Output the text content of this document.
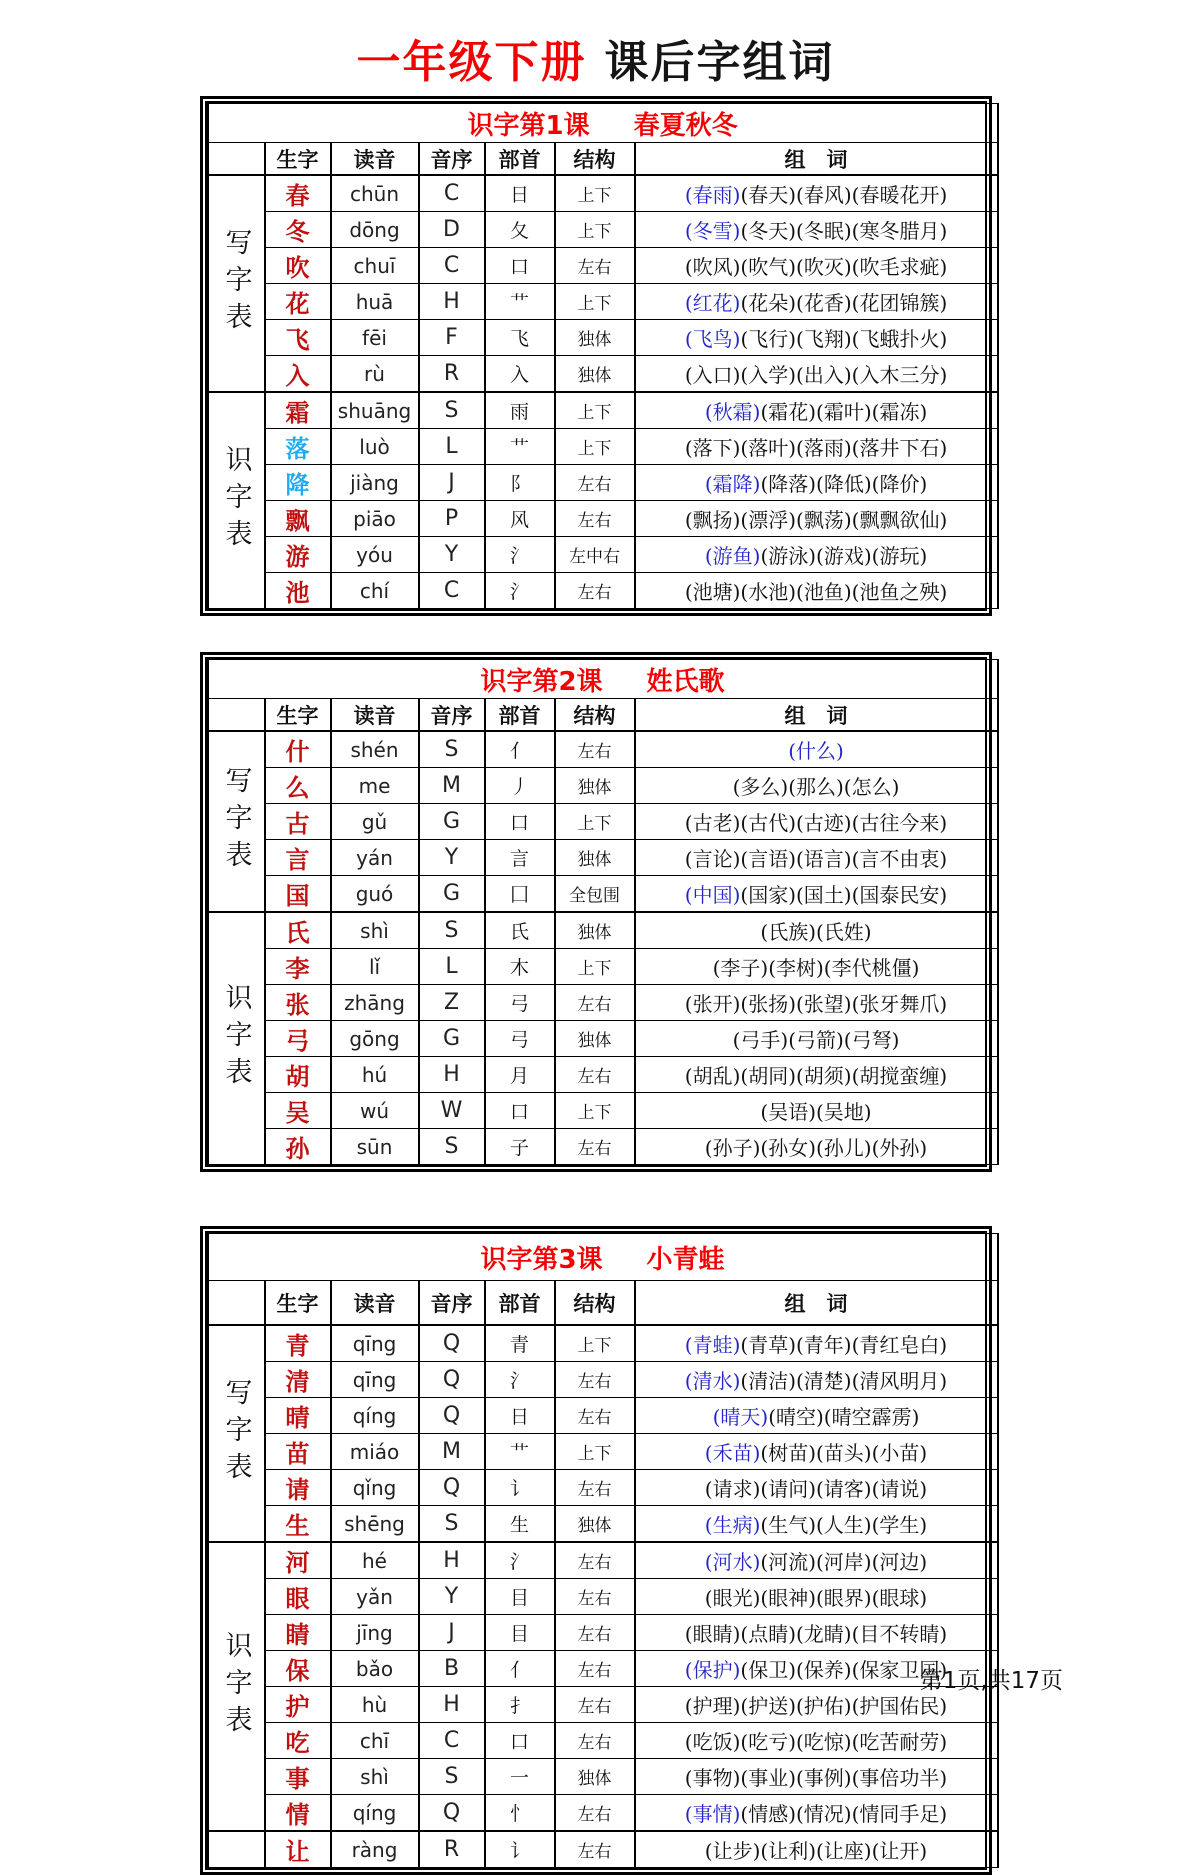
一年级下册 课后字组词
识字第1课 春夏秋冬						
	生字	读音	音序	部首	结构	组　词

写字表	春	chūn	C	日	上下	(春雨)(春天)(春风)(春暖花开)
	冬	dōng	D	夂	上下	(冬雪)(冬天)(冬眠)(寒冬腊月)
	吹	chuī	C	口	左右	(吹风)(吹气)(吹灭)(吹毛求疵)
	花	huā	H	艹	上下	(红花)(花朵)(花香)(花团锦簇)
	飞	fēi	F	飞	独体	(飞鸟)(飞行)(飞翔)(飞蛾扑火)
	入	rù	R	入	独体	(入口)(入学)(出入)(入木三分)

识字表	霜	shuāng	S	雨	上下	(秋霜)(霜花)(霜叶)(霜冻)
	落	luò	L	艹	上下	(落下)(落叶)(落雨)(落井下石)
	降	jiàng	J	阝	左右	(霜降)(降落)(降低)(降价)
	飘	piāo	P	风	左右	(飘扬)(漂浮)(飘荡)(飘飘欲仙)
	游	yóu	Y	氵	左中右	(游鱼)(游泳)(游戏)(游玩)
	池	chí	C	氵	左右	(池塘)(水池)(池鱼)(池鱼之殃)
识字第2课 姓氏歌						
	生字	读音	音序	部首	结构	组　词

写字表	什	shén	S	亻	左右	(什么)
	么	me	M	丿	独体	(多么)(那么)(怎么)
	古	gǔ	G	口	上下	(古老)(古代)(古迹)(古往今来)
	言	yán	Y	言	独体	(言论)(言语)(语言)(言不由衷)
	国	guó	G	囗	全包围	(中国)(国家)(国土)(国泰民安)

识字表	氏	shì	S	氏	独体	(氏族)(氏姓)
	李	lǐ	L	木	上下	(李子)(李树)(李代桃僵)
	张	zhāng	Z	弓	左右	(张开)(张扬)(张望)(张牙舞爪)
	弓	gōng	G	弓	独体	(弓手)(弓箭)(弓弩)
	胡	hú	H	月	左右	(胡乱)(胡同)(胡须)(胡搅蛮缠)
	吴	wú	W	口	上下	(吴语)(吴地)
	孙	sūn	S	子	左右	(孙子)(孙女)(孙儿)(外孙)
识字第3课 小青蛙						
	生字	读音	音序	部首	结构	组　词

写字表	青	qīng	Q	青	上下	(青蛙)(青草)(青年)(青红皂白)
	清	qīng	Q	氵	左右	(清水)(清洁)(清楚)(清风明月)
	晴	qíng	Q	日	左右	(晴天)(晴空)(晴空霹雳)
	苗	miáo	M	艹	上下	(禾苗)(树苗)(苗头)(小苗)
	请	qǐng	Q	讠	左右	(请求)(请问)(请客)(请说)
	生	shēng	S	生	独体	(生病)(生气)(人生)(学生)

识字表	河	hé	H	氵	左右	(河水)(河流)(河岸)(河边)
	眼	yǎn	Y	目	左右	(眼光)(眼神)(眼界)(眼球)
	睛	jīng	J	目	左右	(眼睛)(点睛)(龙睛)(目不转睛)
	保	bǎo	B	亻	左右	(保护)(保卫)(保养)(保家卫国)
	护	hù	H	扌	左右	(护理)(护送)(护佑)(护国佑民)
	吃	chī	C	口	左右	(吃饭)(吃亏)(吃惊)(吃苦耐劳)
	事	shì	S	一	独体	(事物)(事业)(事例)(事倍功半)
	情	qíng	Q	忄	左右	(事情)(情感)(情况)(情同手足)

	让	ràng	R	讠	左右	(让步)(让利)(让座)(让开)
第1页,共17页
